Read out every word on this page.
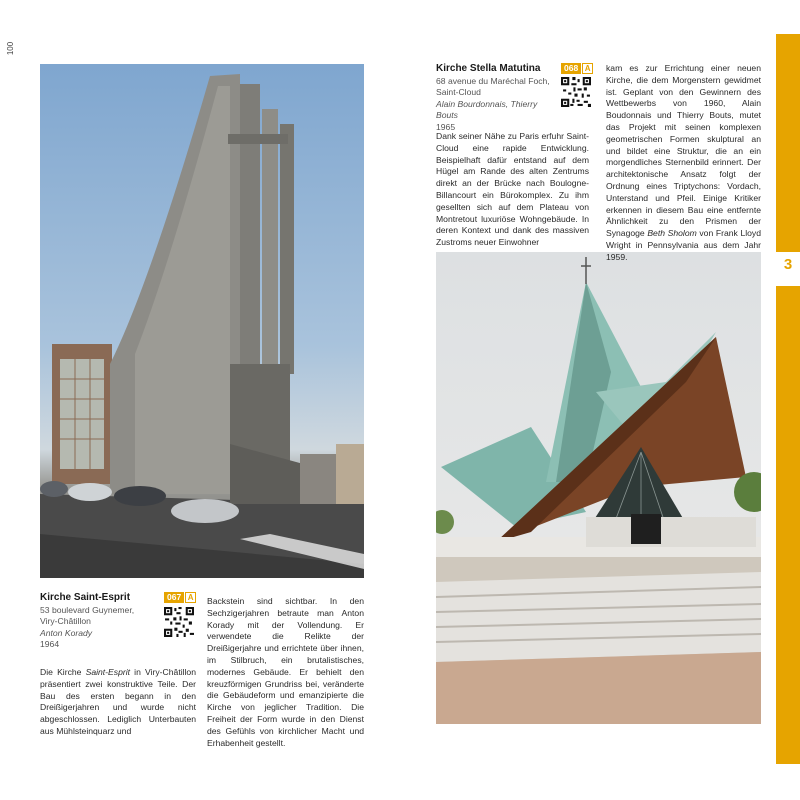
100
3
Kirche Saint-Esprit	067 A
53 boulevard Guynemer,
Viry-Châtillon
Anton Korady
1964

Die Kirche Saint-Esprit in Viry-Châtillon präsentiert zwei konstruktive Teile. Der Bau des ersten begann in den Dreißigerjahren und wurde nicht abgeschlossen. Lediglich Unterbauten aus Mühlsteinquarz und

Backstein sind sichtbar. In den Sechzigerjahren betraute man Anton Korady mit der Vollendung. Er verwendete die Relikte der Dreißigerjahre und errichtete über ihnen, im Stilbruch, ein brutalistisches, modernes Gebäude. Er behielt den kreuzförmigen Grundriss bei, veränderte die Gebäudeform und emanzipierte die Kirche von jeglicher Tradition. Die Freiheit der Form wurde in den Dienst des Gefühls von kirchlicher Macht und Erhabenheit gestellt.

Kirche Stella Matutina	068 A
68 avenue du Maréchal Foch,
Saint-Cloud
Alain Bourdonnais, Thierry Bouts
1965

Dank seiner Nähe zu Paris erfuhr Saint-Cloud eine rapide Entwicklung. Beispielhaft dafür entstand auf dem Hügel am Rande des alten Zentrums direkt an der Brücke nach Boulogne-Billancourt ein Bürokomplex. Zu ihm gesellten sich auf dem Plateau von Montretout luxuriöse Wohngebäude. In deren Kontext und dank des massiven Zustroms neuer Einwohner

kam es zur Errichtung einer neuen Kirche, die dem Morgenstern gewidmet ist. Geplant von den Gewinnern des Wettbewerbs von 1960, Alain Boudonnais und Thierry Bouts, mutet das Projekt mit seinen komplexen geometrischen Formen skulptural an und bildet eine Struktur, die an ein morgendliches Sternenbild erinnert. Der architektonische Ansatz folgt der Ordnung eines Triptychons: Vordach, Unterstand und Pfeil. Einige Kritiker erkennen in diesem Bau eine entfernte Ähnlichkeit zu den Prismen der Synagoge Beth Sholom von Frank Lloyd Wright in Pennsylvania aus dem Jahr 1959.
